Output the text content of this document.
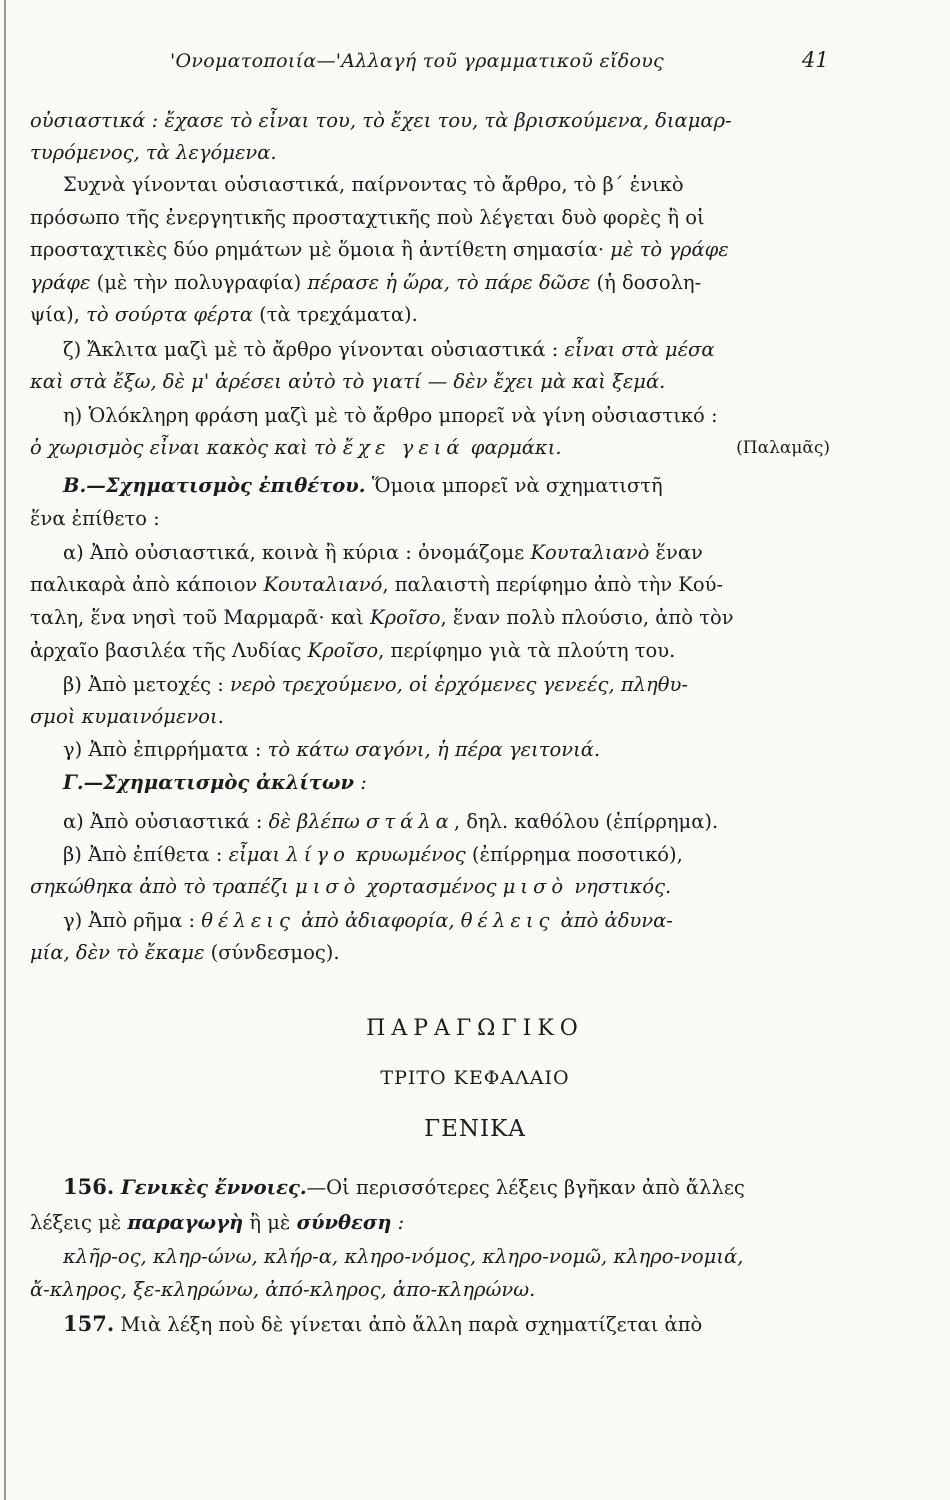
'Ονοματοποιία—'Αλλαγή τοῦ γραμματικοῦ εἴδους	41
οὐσιαστικά : ἔχασε τὸ εἶναι του, τὸ ἔχει του, τὰ βρισκούμενα, διαμαρ-
τυρόμενος, τὰ λεγόμενα.
Συχνὰ γίνονται οὐσιαστικά, παίρνοντας τὸ ἄρθρο, τὸ β΄ ἑνικὸ
πρόσωπο τῆς ἐνεργητικῆς προσταχτικῆς ποὺ λέγεται δυὸ φορὲς ἢ οἱ
προσταχτικὲς δύο ρημάτων μὲ ὅμοια ἢ ἀντίθετη σημασία· μὲ τὸ γράφε
γράφε (μὲ τὴν πολυγραφία) πέρασε ἡ ὥρα, τὸ πάρε δῶσε (ἡ δοσολη-
ψία), τὸ σούρτα φέρτα (τὰ τρεχάματα).
ζ) Ἄκλιτα μαζὶ μὲ τὸ ἄρθρο γίνονται οὐσιαστικά : εἶναι στὰ μέσα
καὶ στὰ ἔξω, δὲ μ' ἀρέσει αὐτὸ τὸ γιατί — δὲν ἔχει μὰ καὶ ξεμά.
η) Ὁλόκληρη φράση μαζὶ μὲ τὸ ἄρθρο μπορεῖ νὰ γίνη οὐσιαστικό :
ὁ χωρισμὸς εἶναι κακὸς καὶ τὸ ἔχε γειά φαρμάκι.	(Παλαμᾶς)
Β.—Σχηματισμὸς ἐπιθέτου. Ὅμοια μπορεῖ νὰ σχηματιστῆ
ἕνα ἐπίθετο :
α) Ἀπὸ οὐσιαστικά, κοινὰ ἢ κύρια : ὀνομάζομε Κουταλιανὸ ἕναν
παλικαρὰ ἀπὸ κάποιον Κουταλιανό, παλαιστὴ περίφημο ἀπὸ τὴν Κού-
ταλη, ἕνα νησὶ τοῦ Μαρμαρᾶ· καὶ Κροῖσο, ἕναν πολὺ πλούσιο, ἀπὸ τὸν
ἀρχαῖο βασιλέα τῆς Λυδίας Κροῖσο, περίφημο γιὰ τὰ πλούτη του.
β) Ἀπὸ μετοχές : νερὸ τρεχούμενο, οἱ ἐρχόμενες γενεές, πληθυ-
σμοὶ κυμαινόμενοι.
γ) Ἀπὸ ἐπιρρήματα : τὸ κάτω σαγόνι, ἡ πέρα γειτονιά.
Γ.—Σχηματισμὸς ἀκλίτων :
α) Ἀπὸ οὐσιαστικά : δὲ βλέπω στάλα, δηλ. καθόλου (ἐπίρρημα).
β) Ἀπὸ ἐπίθετα : εἶμαι λίγο κρυωμένος (ἐπίρρημα ποσοτικό),
σηκώθηκα ἀπὸ τὸ τραπέζι μισὸ χορτασμένος μισὸ νηστικός.
γ) Ἀπὸ ρῆμα : θέλεις ἀπὸ ἀδιαφορία, θέλεις ἀπὸ ἀδυνα-
μία, δὲν τὸ ἔκαμε (σύνδεσμος).
ΠΑΡΑΓΩΓΙΚΟ
ΤΡΙΤΟ ΚΕΦΑΛΑΙΟ
ΓΕΝΙΚΑ
156. Γενικὲς ἔννοιες.—Οἱ περισσότερες λέξεις βγῆκαν ἀπὸ ἄλλες
λέξεις μὲ παραγωγὴ ἢ μὲ σύνθεση :
κλῆρ-ος, κληρ-ώνω, κλήρ-α, κληρο-νόμος, κληρο-νομῶ, κληρο-νομιά,
ἄ-κληρος, ξε-κληρώνω, ἀπό-κληρος, ἀπο-κληρώνω.
157. Μιὰ λέξη ποὺ δὲ γίνεται ἀπὸ ἄλλη παρὰ σχηματίζεται ἀπὸ
